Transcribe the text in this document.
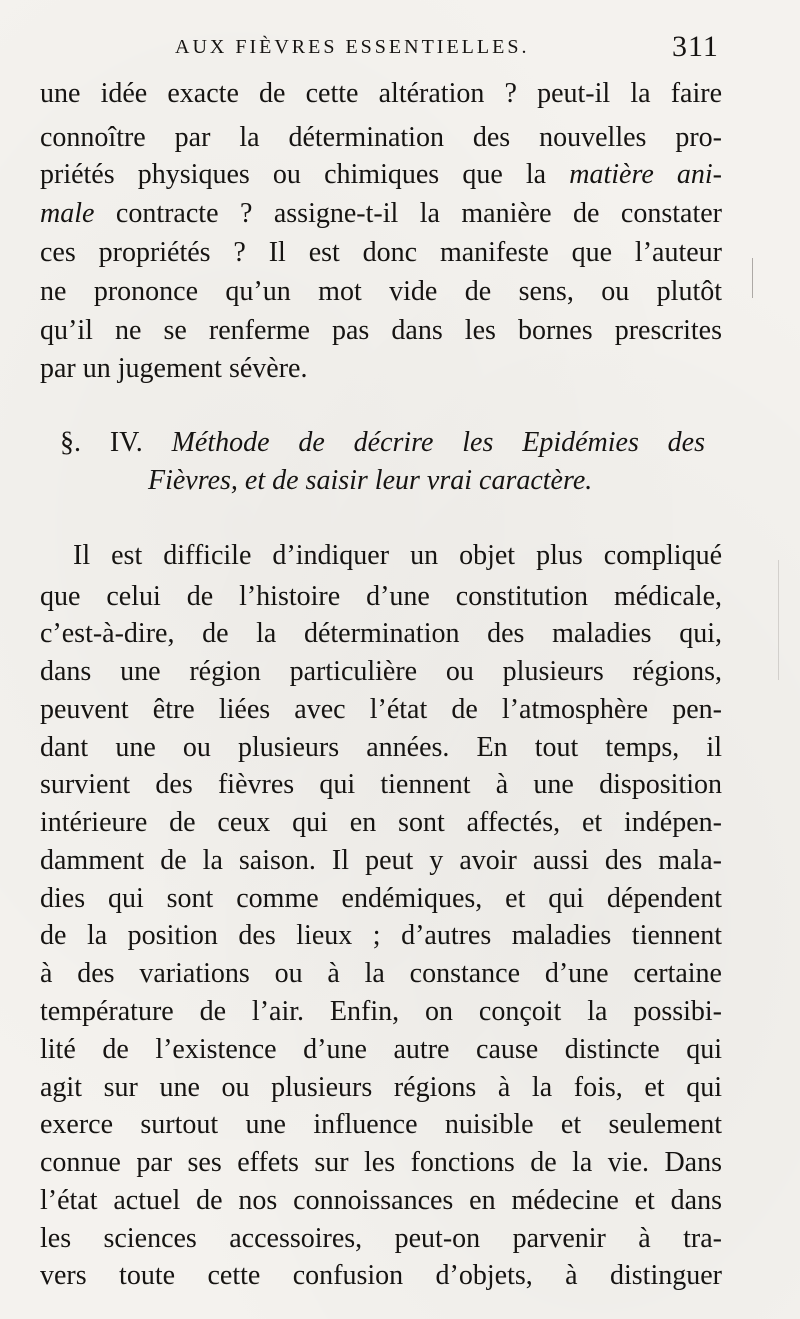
AUX FIÈVRES ESSENTIELLES.	311
une idée exacte de cette altération ? peut-il la faire
connoître par la détermination des nouvelles pro-
priétés physiques ou chimiques que la matière ani-
male contracte ? assigne-t-il la manière de constater
ces propriétés ? Il est donc manifeste que l’auteur
ne prononce qu’un mot vide de sens, ou plutôt
qu’il ne se renferme pas dans les bornes prescrites
par un jugement sévère.
§. IV. Méthode de décrire les Epidémies des
Fièvres, et de saisir leur vrai caractère.
Il est difficile d’indiquer un objet plus compliqué
que celui de l’histoire d’une constitution médicale,
c’est-à-dire, de la détermination des maladies qui,
dans une région particulière ou plusieurs régions,
peuvent être liées avec l’état de l’atmosphère pen-
dant une ou plusieurs années. En tout temps, il
survient des fièvres qui tiennent à une disposition
intérieure de ceux qui en sont affectés, et indépen-
damment de la saison. Il peut y avoir aussi des mala-
dies qui sont comme endémiques, et qui dépendent
de la position des lieux ; d’autres maladies tiennent
à des variations ou à la constance d’une certaine
température de l’air. Enfin, on conçoit la possibi-
lité de l’existence d’une autre cause distincte qui
agit sur une ou plusieurs régions à la fois, et qui
exerce surtout une influence nuisible et seulement
connue par ses effets sur les fonctions de la vie. Dans
l’état actuel de nos connoissances en médecine et dans
les sciences accessoires, peut-on parvenir à tra-
vers toute cette confusion d’objets, à distinguer
